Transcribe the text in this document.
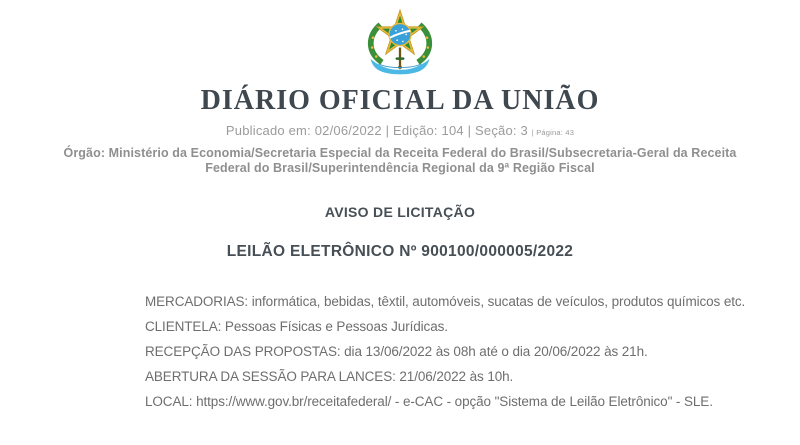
DIÁRIO OFICIAL DA UNIÃO
Publicado em: 02/06/2022 | Edição: 104 | Seção: 3 | Página: 43
Órgão: Ministério da Economia/Secretaria Especial da Receita Federal do Brasil/Subsecretaria-Geral da Receita Federal do Brasil/Superintendência Regional da 9ª Região Fiscal
AVISO DE LICITAÇÃO
LEILÃO ELETRÔNICO Nº 900100/000005/2022

MERCADORIAS: informática, bebidas, têxtil, automóveis, sucatas de veículos, produtos químicos etc.

CLIENTELA: Pessoas Físicas e Pessoas Jurídicas.

RECEPÇÃO DAS PROPOSTAS: dia 13/06/2022 às 08h até o dia 20/06/2022 às 21h.

ABERTURA DA SESSÃO PARA LANCES: 21/06/2022 às 10h.

LOCAL: https://www.gov.br/receitafederal/ - e-CAC - opção "Sistema de Leilão Eletrônico" - SLE.
